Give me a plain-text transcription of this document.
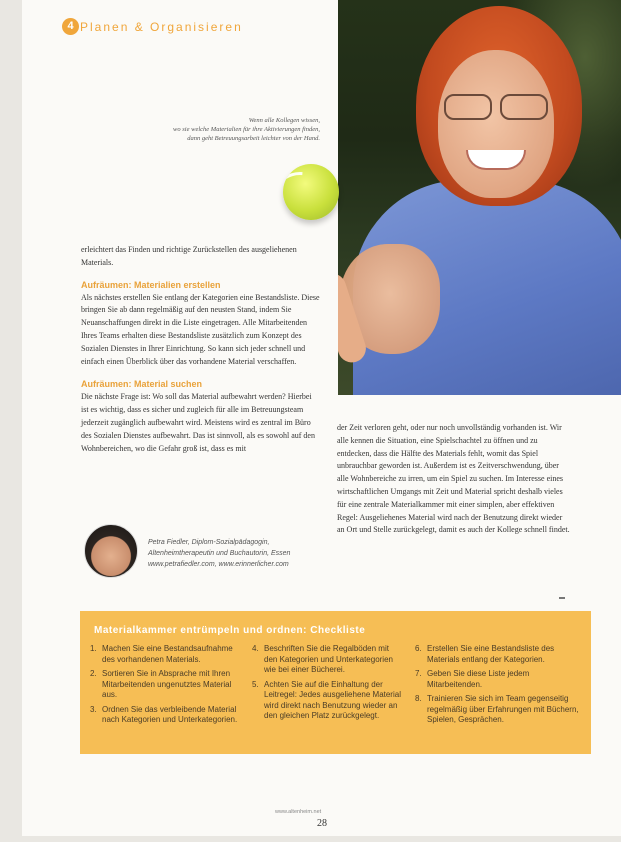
4 Planen & Organisieren
Wenn alle Kollegen wissen,
wo sie welche Materialien für ihre Aktivierungen finden,
dann geht Betreuungsarbeit leichter von der Hand.

erleichtert das Finden und richtige Zurückstellen des ausgeliehenen Materials.

Aufräumen: Materialien erstellen

Als nächstes erstellen Sie entlang der Kategorien eine Bestandsliste. Diese bringen Sie ab dann regelmäßig auf den neusten Stand, indem Sie Neuanschaffungen direkt in die Liste eingetragen. Alle Mitarbeitenden Ihres Teams erhalten diese Bestandsliste zusätzlich zum Konzept des Sozialen Dienstes in Ihrer Einrichtung. So kann sich jeder schnell und einfach einen Überblick über das vorhandene Material verschaffen.

Aufräumen: Material suchen

Die nächste Frage ist: Wo soll das Material aufbewahrt werden? Hierbei ist es wichtig, dass es sicher und zugleich für alle im Betreuungsteam jederzeit zugänglich aufbewahrt wird. Meistens wird es zentral im Büro des Sozialen Dienstes aufbewahrt. Das ist sinnvoll, als es sowohl auf den Wohnbereichen, wo die Gefahr groß ist, dass es mit

der Zeit verloren geht, oder nur noch unvollständig vorhanden ist. Wir alle kennen die Situation, eine Spielschachtel zu öffnen und zu entdecken, dass die Hälfte des Materials fehlt, womit das Spiel unbrauchbar geworden ist. Außerdem ist es Zeitverschwendung, über alle Wohnbereiche zu irren, um ein Spiel zu suchen. Im Interesse eines wirtschaftlichen Umgangs mit Zeit und Material spricht deshalb vieles für eine zentrale Materialkammer mit einer simplen, aber effektiven Regel: Ausgeliehenes Material wird nach der Benutzung direkt wieder an Ort und Stelle zurückgelegt, damit es auch der Kollege schnell findet.

Petra Fiedler, Diplom-Sozialpädagogin, Altenheimtherapeutin und Buchautorin, Essen www.petrafiedler.com, www.erinnerlicher.com
Materialkammer entrümpeln und ordnen: Checkliste
1. Machen Sie eine Bestandsaufnahme des vorhandenen Materials.
2. Sortieren Sie in Absprache mit Ihren Mitarbeitenden ungenutztes Material aus.
3. Ordnen Sie das verbleibende Material nach Kategorien und Unterkategorien.
4. Beschriften Sie die Regalböden mit den Kategorien und Unterkategorien wie bei einer Bücherei.
5. Achten Sie auf die Einhaltung der Leitregel: Jedes ausgeliehene Material wird direkt nach Benutzung wieder an den gleichen Platz zurückgelegt.
6. Erstellen Sie eine Bestandsliste des Materials entlang der Kategorien.
7. Geben Sie diese Liste jedem Mitarbeitenden.
8. Trainieren Sie sich im Team gegenseitig regelmäßig über Erfahrungen mit Büchern, Spielen, Gesprächen.
www.altenheim.net
28
